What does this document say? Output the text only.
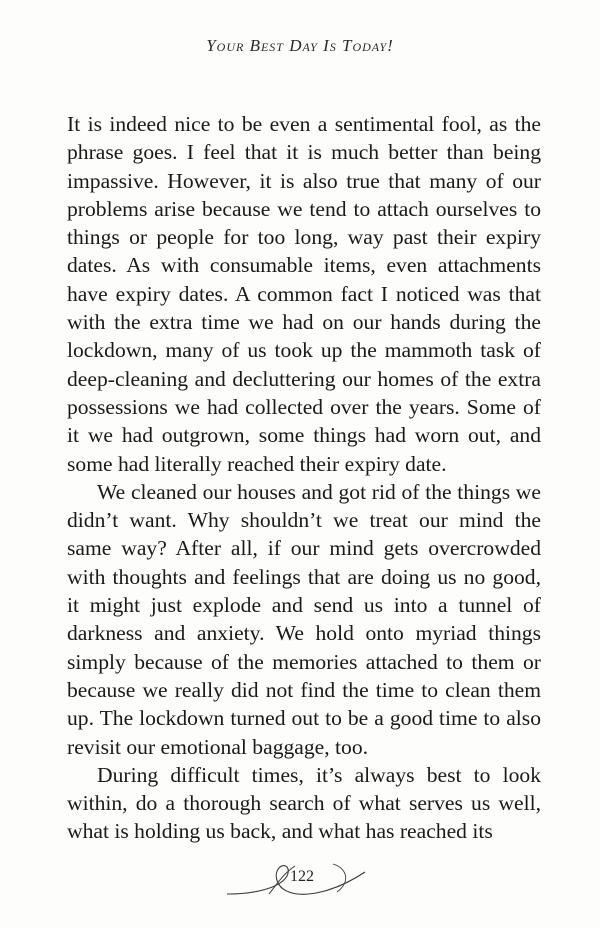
Your Best Day Is Today!

It is indeed nice to be even a sentimental fool, as the phrase goes. I feel that it is much better than being impassive. However, it is also true that many of our problems arise because we tend to attach ourselves to things or people for too long, way past their expiry dates. As with consumable items, even attachments have expiry dates. A common fact I noticed was that with the extra time we had on our hands during the lockdown, many of us took up the mammoth task of deep-cleaning and decluttering our homes of the extra possessions we had collected over the years. Some of it we had outgrown, some things had worn out, and some had literally reached their expiry date.

We cleaned our houses and got rid of the things we didn’t want. Why shouldn’t we treat our mind the same way? After all, if our mind gets overcrowded with thoughts and feelings that are doing us no good, it might just explode and send us into a tunnel of darkness and anxiety. We hold onto myriad things simply because of the memories attached to them or because we really did not find the time to clean them up. The lockdown turned out to be a good time to also revisit our emotional baggage, too.

During difficult times, it’s always best to look within, do a thorough search of what serves us well, what is holding us back, and what has reached its

122
